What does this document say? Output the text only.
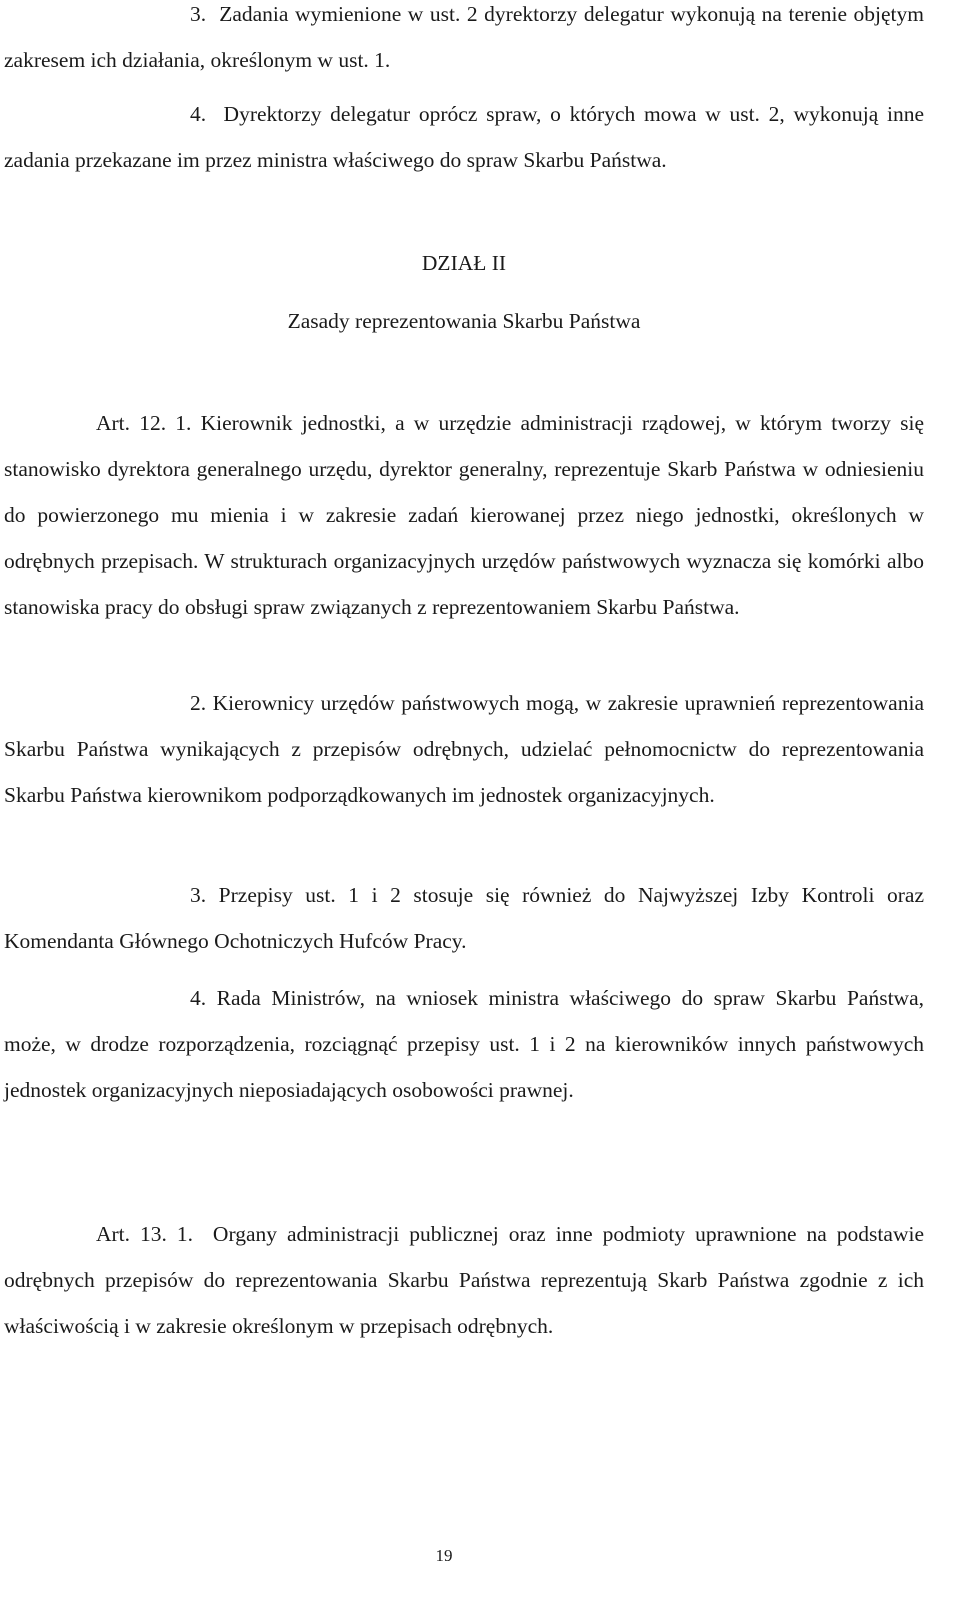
3.  Zadania wymienione w ust. 2 dyrektorzy delegatur wykonują na terenie objętym zakresem ich działania, określonym w ust. 1.

4.  Dyrektorzy delegatur oprócz spraw, o których mowa w ust. 2, wykonują inne zadania przekazane im przez ministra właściwego do spraw Skarbu Państwa.

DZIAŁ II

Zasady reprezentowania Skarbu Państwa

Art. 12. 1. Kierownik jednostki, a w urzędzie administracji rządowej, w którym tworzy się stanowisko dyrektora generalnego urzędu, dyrektor generalny, reprezentuje Skarb Państwa w odniesieniu do powierzonego mu mienia i w zakresie zadań kierowanej przez niego jednostki, określonych w odrębnych przepisach. W strukturach organizacyjnych urzędów państwowych wyznacza się komórki albo stanowiska pracy do obsługi spraw związanych z reprezentowaniem Skarbu Państwa.

2. Kierownicy urzędów państwowych mogą, w zakresie uprawnień reprezentowania Skarbu Państwa wynikających z przepisów odrębnych, udzielać pełnomocnictw do reprezentowania Skarbu Państwa kierownikom podporządkowanych im jednostek organizacyjnych.

3. Przepisy ust. 1 i 2 stosuje się również do Najwyższej Izby Kontroli oraz Komendanta Głównego Ochotniczych Hufców Pracy.

4. Rada Ministrów, na wniosek ministra właściwego do spraw Skarbu Państwa, może, w drodze rozporządzenia, rozciągnąć przepisy ust. 1 i 2 na kierowników innych państwowych jednostek organizacyjnych nieposiadających osobowości prawnej.

Art. 13. 1.  Organy administracji publicznej oraz inne podmioty uprawnione na podstawie odrębnych przepisów do reprezentowania Skarbu Państwa reprezentują Skarb Państwa zgodnie z ich właściwością i w zakresie określonym w przepisach odrębnych.

19
